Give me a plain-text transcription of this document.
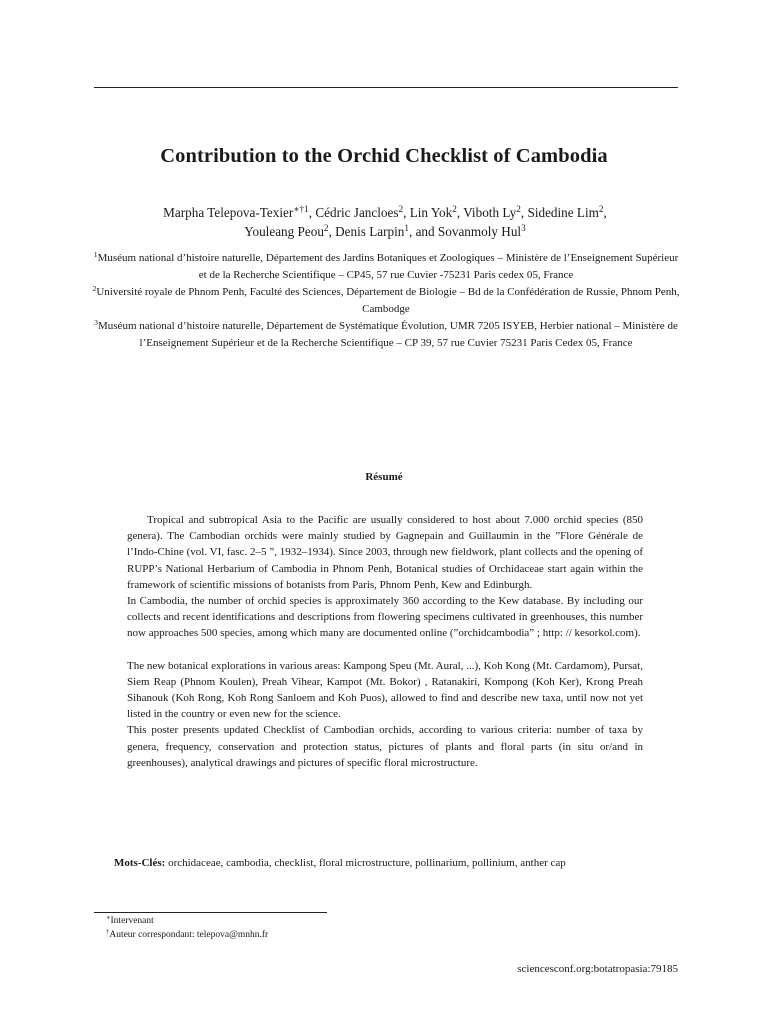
Contribution to the Orchid Checklist of Cambodia
Marpha Telepova-Texier$^{∗\dagger 1}$, Cédric Jancloes$^2$, Lin Yok$^2$, Viboth Ly$^2$, Sidedine Lim$^2$,
Youleang Peou$^2$, Denis Larpin$^1$, and Sovanmoly Hul$^3$

$^1$Muséum national d’histoire naturelle, Département des Jardins Botaniques et Zoologiques – Ministère de l’Enseignement Supérieur et de la Recherche Scientifique – CP45, 57 rue Cuvier -75231 Paris cedex 05, France

$^2$Université royale de Phnom Penh, Faculté des Sciences, Département de Biologie – Bd de la Confédération de Russie, Phnom Penh, Cambodge

$^3$Muséum national d’histoire naturelle, Département de Systématique Évolution, UMR 7205 ISYEB, Herbier national – Ministère de l’Enseignement Supérieur et de la Recherche Scientifique – CP 39, 57 rue Cuvier 75231 Paris Cedex 05, France

Résumé

Tropical and subtropical Asia to the Pacific are usually considered to host about 7.000 orchid species (850 genera). The Cambodian orchids were mainly studied by Gagnepain and Guillaumin in the ”Flore Générale de l’Indo-Chine (vol. VI, fasc. 2–5 ”, 1932–1934). Since 2003, through new fieldwork, plant collects and the opening of RUPP’s National Herbarium of Cambodia in Phnom Penh, Botanical studies of Orchidaceae start again within the framework of scientific missions of botanists from Paris, Phnom Penh, Kew and Edinburgh.

In Cambodia, the number of orchid species is approximately 360 according to the Kew database. By including our collects and recent identifications and descriptions from flowering specimens cultivated in greenhouses, this number now approaches 500 species, among which many are documented online (”orchidcambodia” ; http: // kesorkol.com).

The new botanical explorations in various areas: Kampong Speu (Mt. Aural, ...), Koh Kong (Mt. Cardamom), Pursat, Siem Reap (Phnom Koulen), Preah Vihear, Kampot (Mt. Bokor) , Ratanakiri, Kompong (Koh Ker), Krong Preah Sihanouk (Koh Rong, Koh Rong Sanloem and Koh Puos), allowed to find and describe new taxa, until now not yet listed in the country or even new for the science.

This poster presents updated Checklist of Cambodian orchids, according to various criteria: number of taxa by genera, frequency, conservation and protection status, pictures of plants and floral parts (in situ or/and in greenhouses), analytical drawings and pictures of specific floral microstructure.

Mots-Clés: orchidaceae, cambodia, checklist, floral microstructure, pollinarium, pollinium, anther cap
∗Intervenant
†Auteur correspondant: telepova@mnhn.fr
sciencesconf.org:botatropasia:79185
